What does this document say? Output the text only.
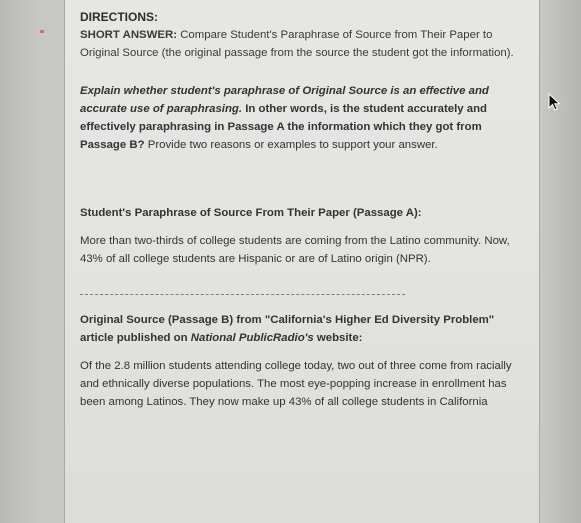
DIRECTIONS:

SHORT ANSWER: Compare Student's Paraphrase of Source from Their Paper to Original Source (the original passage from the source the student got the information).

Explain whether student's paraphrase of Original Source is an effective and accurate use of paraphrasing. In other words, is the student accurately and effectively paraphrasing in Passage A the information which they got from Passage B? Provide two reasons or examples to support your answer.

Student's Paraphrase of Source From Their Paper (Passage A):

More than two-thirds of college students are coming from the Latino community. Now, 43% of all college students are Hispanic or are of Latino origin (NPR).

Original Source (Passage B) from "California's Higher Ed Diversity Problem" article published on National PublicRadio's website:

Of the 2.8 million students attending college today, two out of three come from racially and ethnically diverse populations. The most eye-popping increase in enrollment has been among Latinos. They now make up 43% of all college students in California
